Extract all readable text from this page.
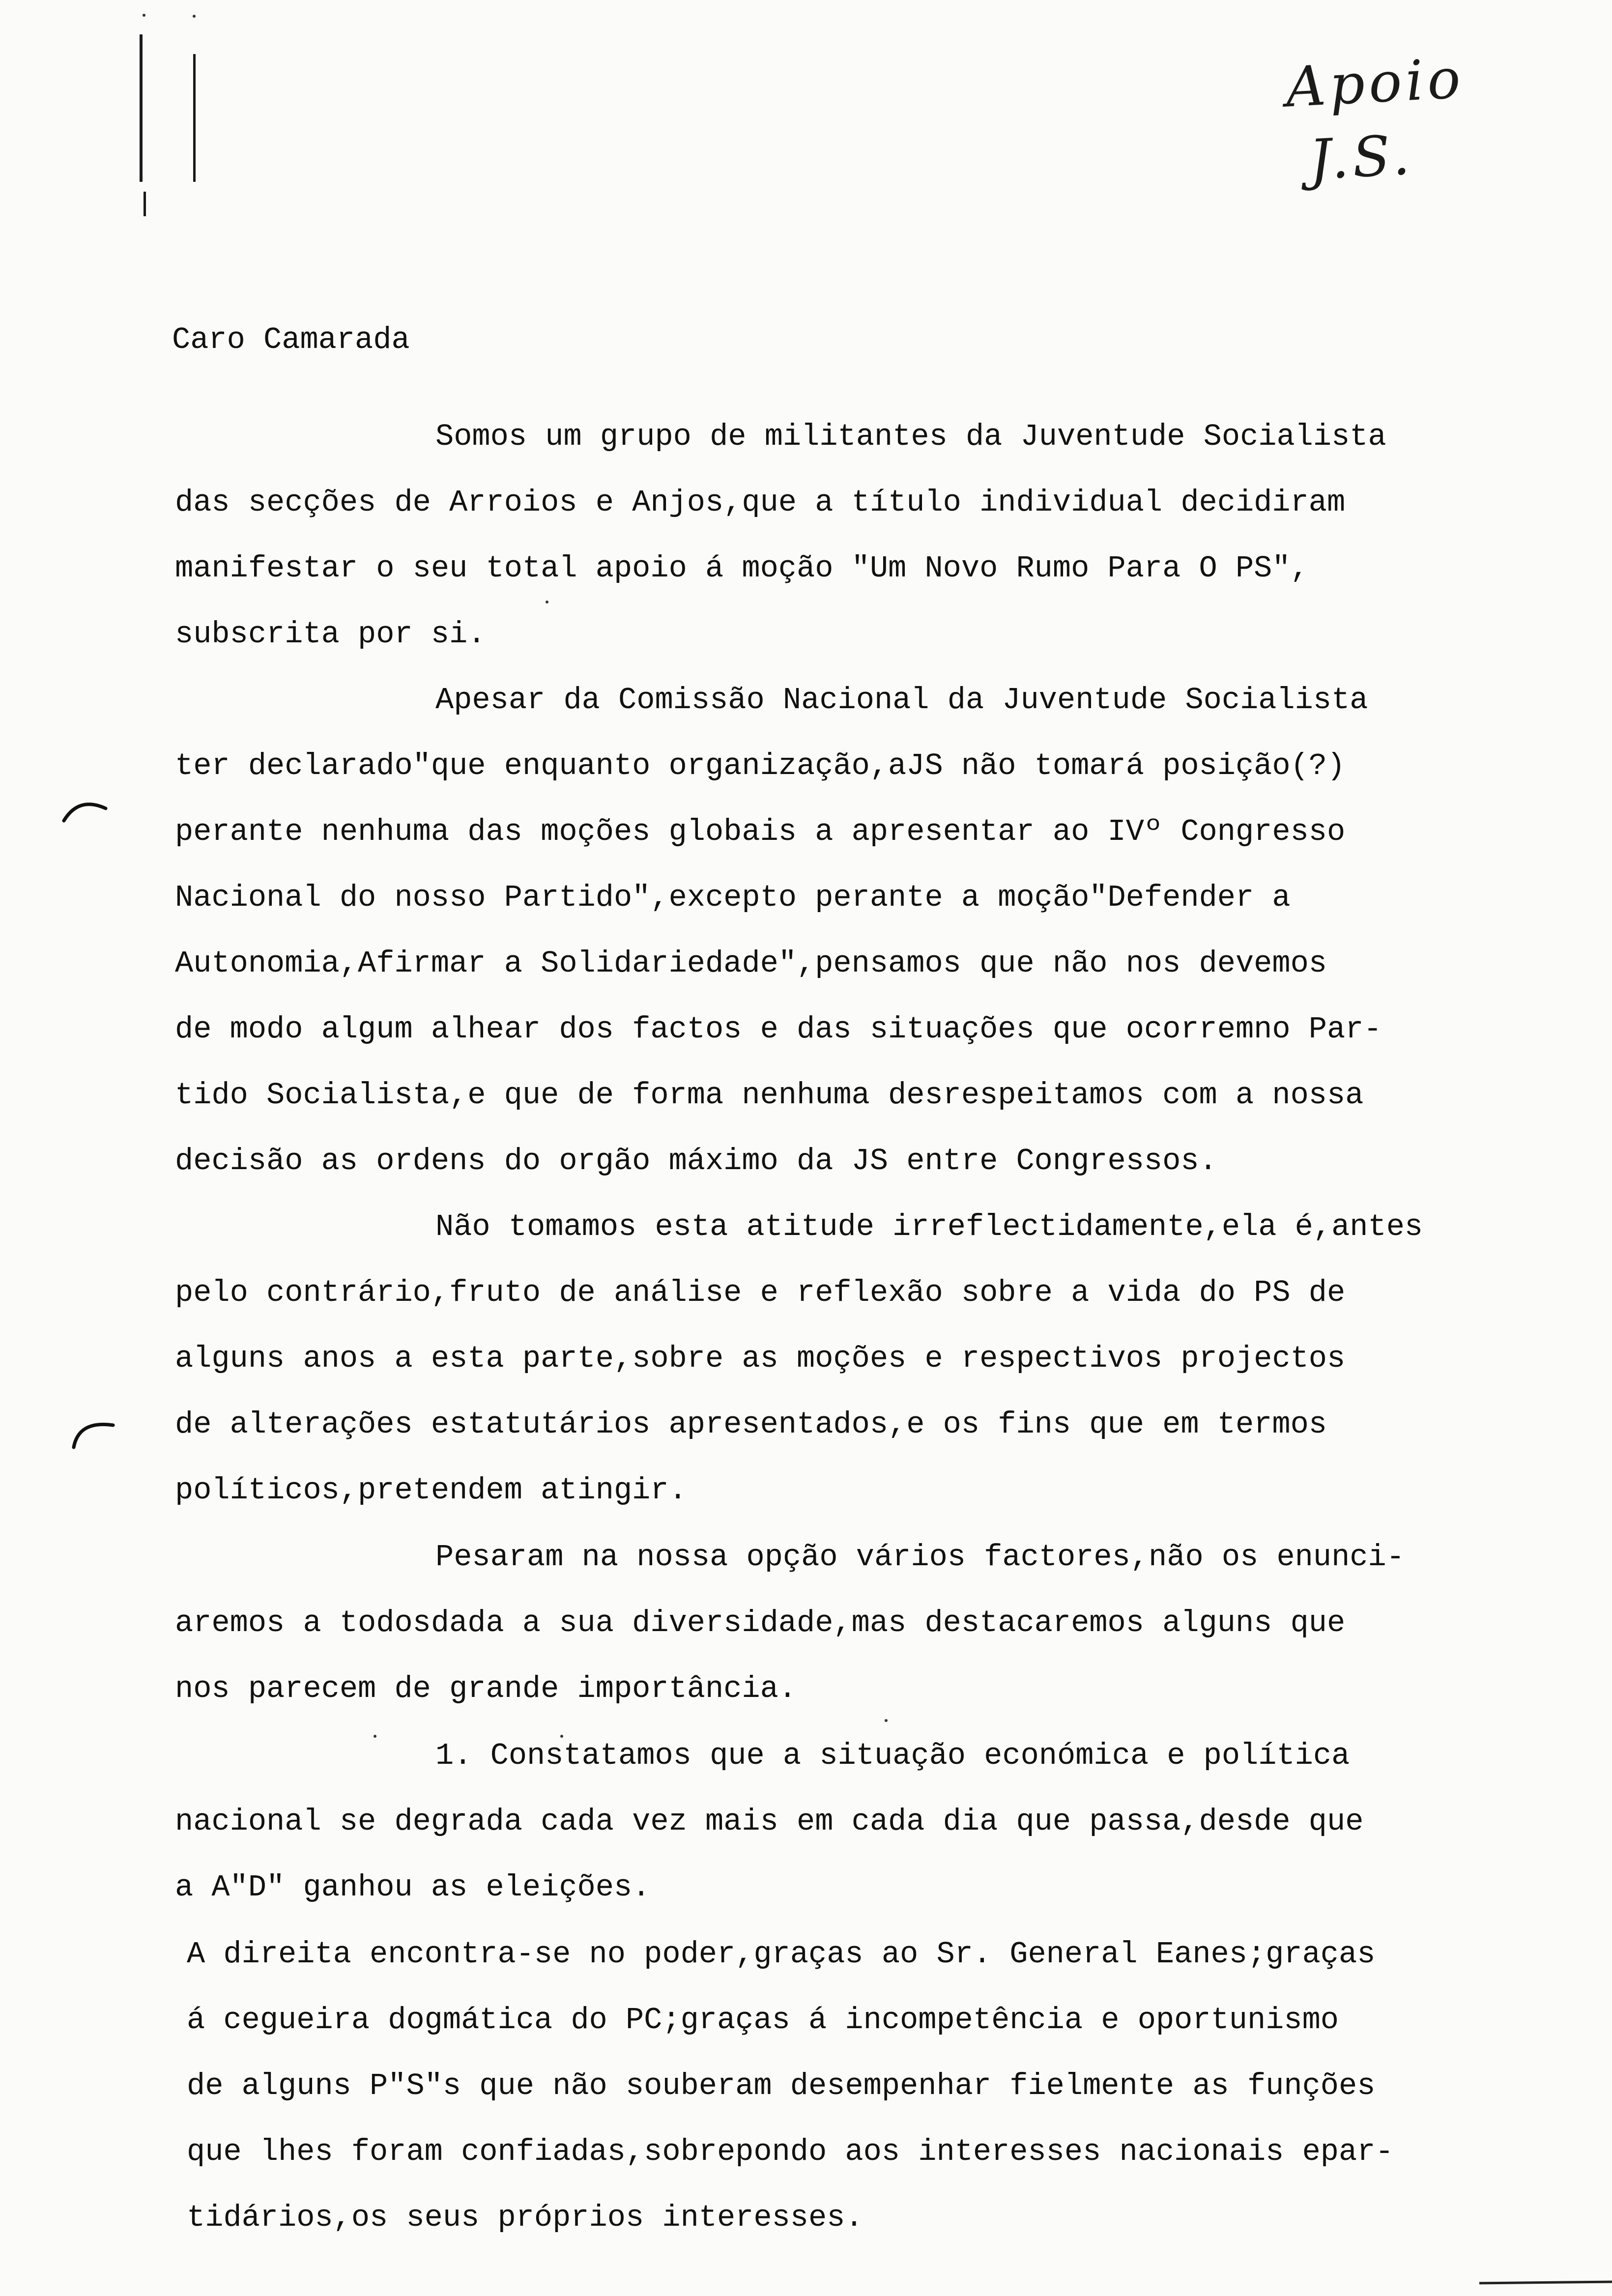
Apoio
J.S.
Caro Camarada
Somos um grupo de militantes da Juventude Socialista
das secções de Arroios e Anjos,que a título individual decidiram
manifestar o seu total apoio á moção "Um Novo Rumo Para O PS",
subscrita por si.
Apesar da Comissão Nacional da Juventude Socialista
ter declarado"que enquanto organização,aJS não tomará posição(?)
perante nenhuma das moções globais a apresentar ao IVº Congresso
Nacional do nosso Partido",excepto perante a moção"Defender a
Autonomia,Afirmar a Solidariedade",pensamos que não nos devemos
de modo algum alhear dos factos e das situações que ocorremno Par-
tido Socialista,e que de forma nenhuma desrespeitamos com a nossa
decisão as ordens do orgão máximo da JS entre Congressos.
Não tomamos esta atitude irreflectidamente,ela é,antes
pelo contrário,fruto de análise e reflexão sobre a vida do PS de
alguns anos a esta parte,sobre as moções e respectivos projectos
de alterações estatutários apresentados,e os fins que em termos
políticos,pretendem atingir.
Pesaram na nossa opção vários factores,não os enunci-
aremos a todosdada a sua diversidade,mas destacaremos alguns que
nos parecem de grande importância.
1. Constatamos que a situação económica e política
nacional se degrada cada vez mais em cada dia que passa,desde que
a A"D" ganhou as eleições.
A direita encontra-se no poder,graças ao Sr. General Eanes;graças
á cegueira dogmática do PC;graças á incompetência e oportunismo
de alguns P"S"s que não souberam desempenhar fielmente as funções
que lhes foram confiadas,sobrepondo aos interesses nacionais epar-
tidários,os seus próprios interesses.
